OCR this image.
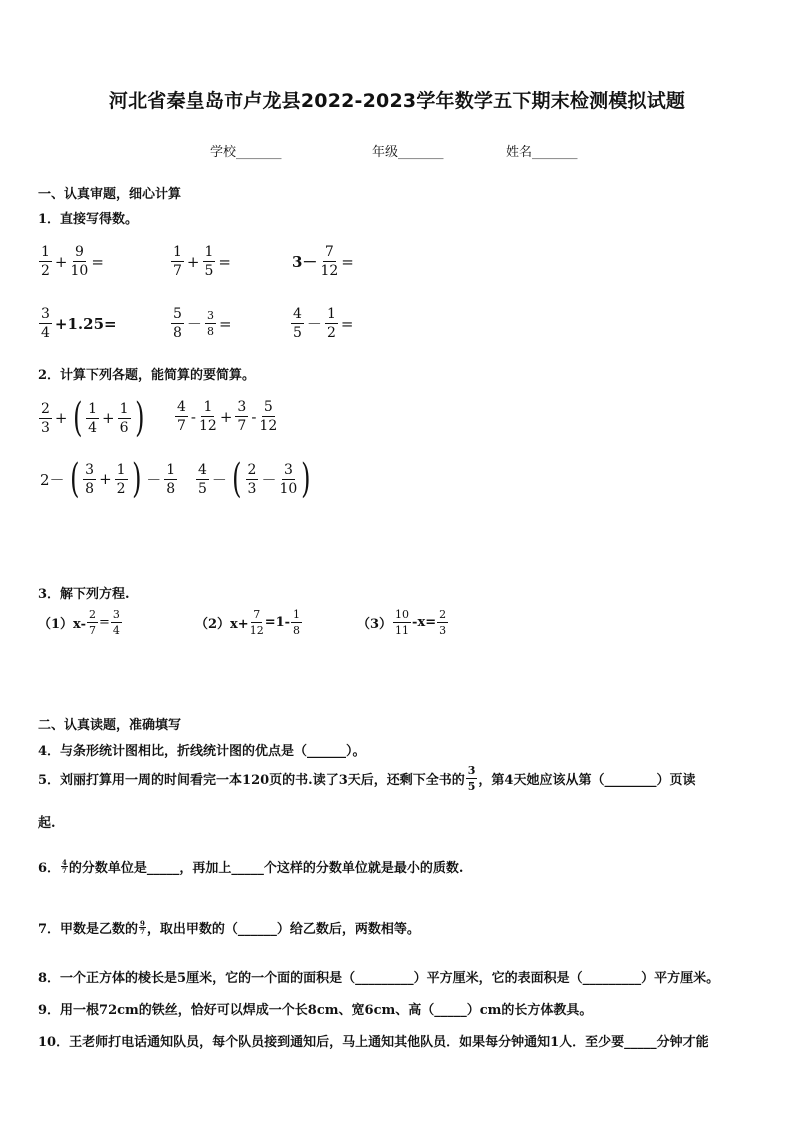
河北省秦皇岛市卢龙县2022-2023学年数学五下期末检测模拟试题
学校_______	年级_______	姓名_______
一、认真审题，细心计算
1．直接写得数。
$\frac{1}{2} + \frac{9}{10}$ =	$\frac{1}{7} + \frac{1}{5}$ =	$3- \frac{7}{12}$ =
$\frac{3}{4} +1.25=$	$\frac{5}{8} - \frac{3}{8}$ =	$\frac{4}{5} - \frac{1}{2}$ =
2．计算下列各题，能简算的要简算。
$\frac{2}{3}$ + ( $\frac{1}{4} + \frac{1}{6}$ ) $\frac{4}{7} - \frac{1}{12} + \frac{3}{7} - \frac{5}{12}$
2－ ( $\frac{3}{8} + \frac{1}{2}$ ) － $\frac{1}{8} \frac{4}{5}$ － ( $\frac{2}{3} - \frac{3}{10}$ )
3．解下列方程.
$(1)x- \frac{2}{7} = \frac{3}{4}$	$(2)x+ \frac{7}{12} =1- \frac{1}{8}$	$(3) \frac{10}{11} -x= \frac{2}{3}$
二、认真读题，准确填写
4．与条形统计图相比，折线统计图的优点是（______）。
5．刘丽打算用一周的时间看完一本120页的书.读了3天后，还剩下全书的 $\frac{3}{5}$ ，第4天她应该从第（________）页读
起.
6． $\frac{4}{7}$ 的分数单位是_____，再加上_____个这样的分数单位就是最小的质数.
7．甲数是乙数的 $\frac{9}{7}$ ，取出甲数的（______）给乙数后，两数相等。
8．一个正方体的棱长是5厘米，它的一个面的面积是（_________）平方厘米，它的表面积是（_________）平方厘米。
9．用一根72cm的铁丝，恰好可以焊成一个长8cm、宽6cm、高（_____）cm的长方体教具。
10．王老师打电话通知队员，每个队员接到通知后，马上通知其他队员．如果每分钟通知1人．至少要_____分钟才能
